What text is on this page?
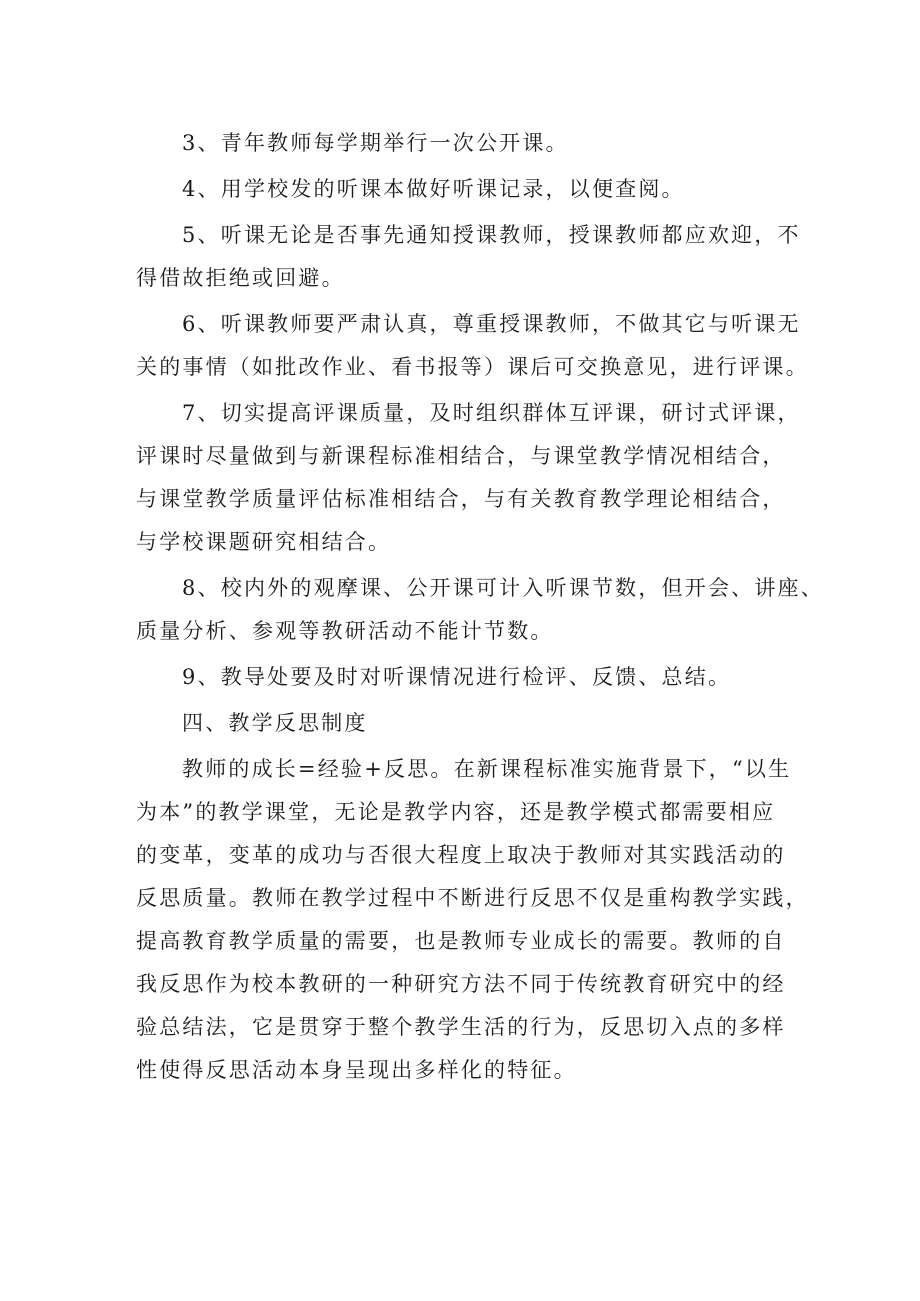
3、青年教师每学期举行一次公开课。
4、用学校发的听课本做好听课记录，以便查阅。
5、听课无论是否事先通知授课教师，授课教师都应欢迎，不
得借故拒绝或回避。
6、听课教师要严肃认真，尊重授课教师，不做其它与听课无
关的事情（如批改作业、看书报等）课后可交换意见，进行评课。
7、切实提高评课质量，及时组织群体互评课，研讨式评课，
评课时尽量做到与新课程标准相结合，与课堂教学情况相结合，
与课堂教学质量评估标准相结合，与有关教育教学理论相结合，
与学校课题研究相结合。
8、校内外的观摩课、公开课可计入听课节数，但开会、讲座、
质量分析、参观等教研活动不能计节数。
9、教导处要及时对听课情况进行检评、反馈、总结。
四、教学反思制度
教师的成长=经验+反思。在新课程标准实施背景下，“以生
为本”的教学课堂，无论是教学内容，还是教学模式都需要相应
的变革，变革的成功与否很大程度上取决于教师对其实践活动的
反思质量。教师在教学过程中不断进行反思不仅是重构教学实践，
提高教育教学质量的需要，也是教师专业成长的需要。教师的自
我反思作为校本教研的一种研究方法不同于传统教育研究中的经
验总结法，它是贯穿于整个教学生活的行为，反思切入点的多样
性使得反思活动本身呈现出多样化的特征。
